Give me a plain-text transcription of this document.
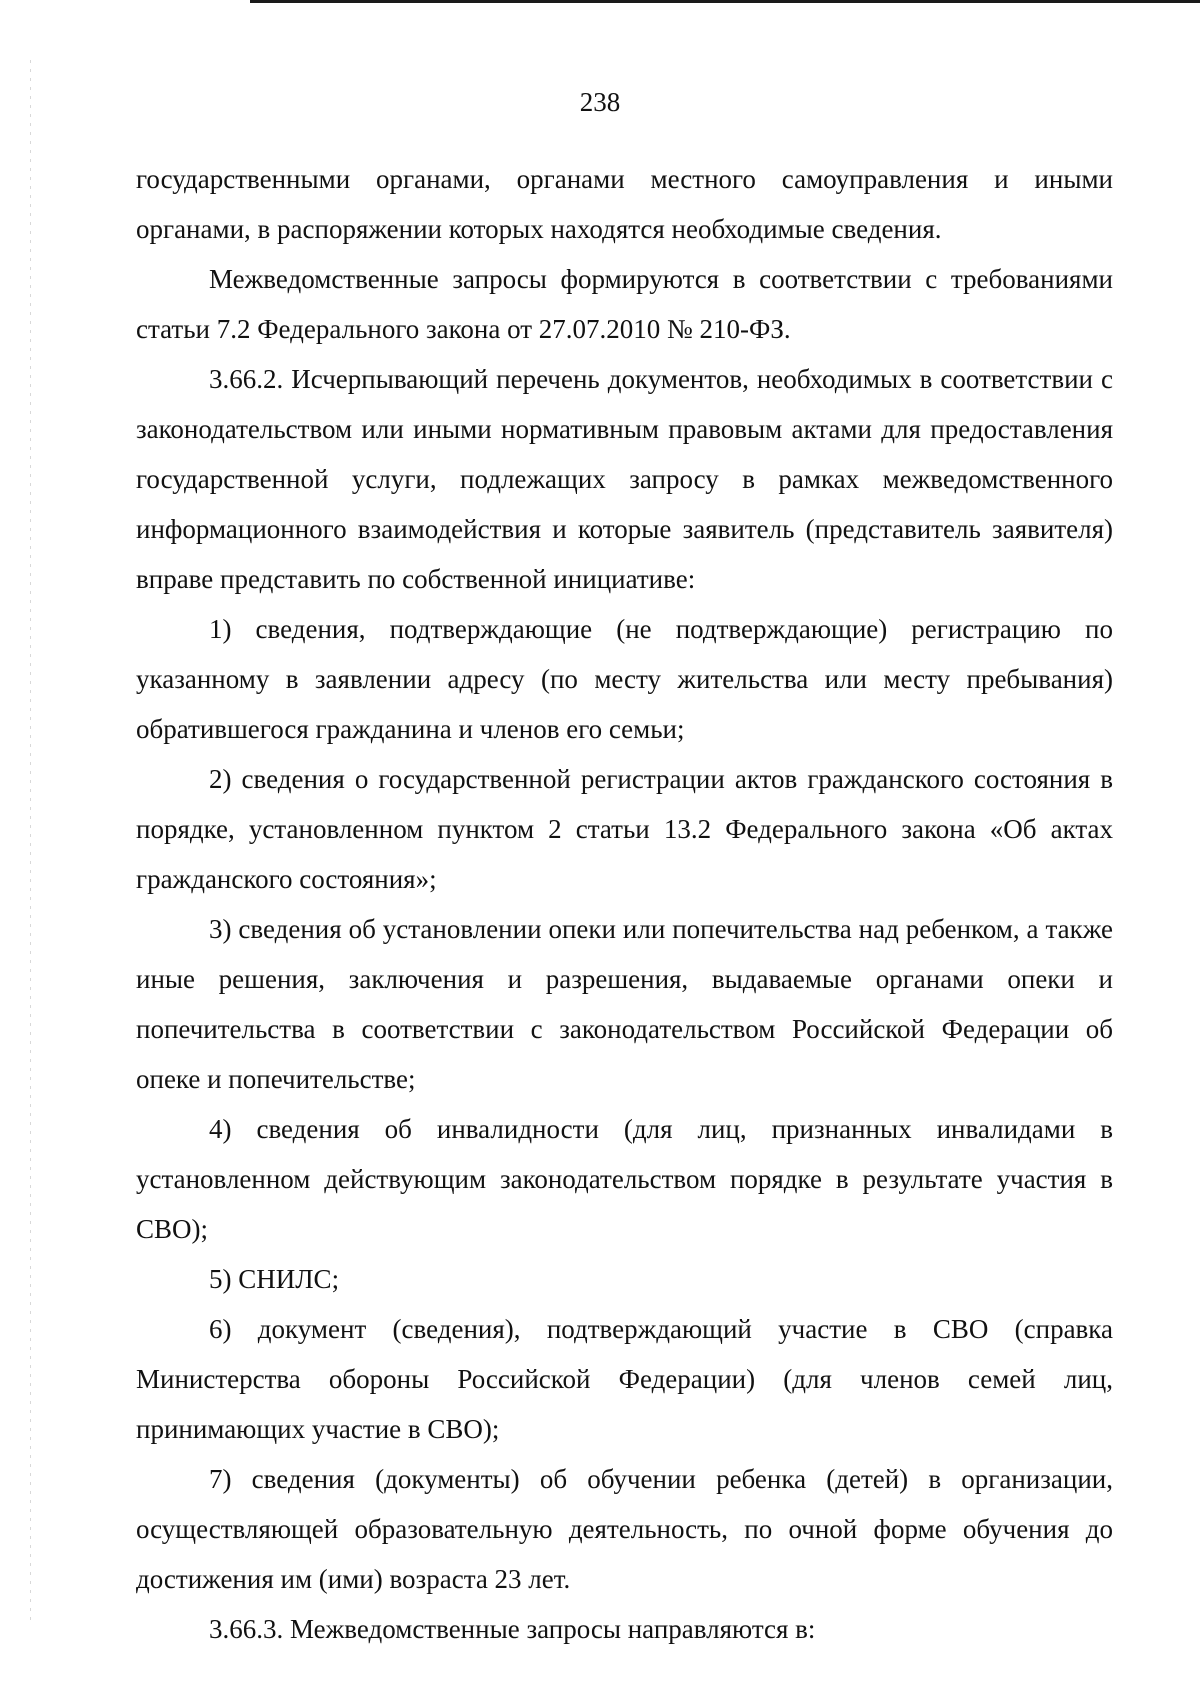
238

государственными органами, органами местного самоуправления и иными органами, в распоряжении которых находятся необходимые сведения.

Межведомственные запросы формируются в соответствии с требованиями статьи 7.2 Федерального закона от 27.07.2010 № 210-ФЗ.

3.66.2. Исчерпывающий перечень документов, необходимых в соответствии с законодательством или иными нормативным правовым актами для предоставления государственной услуги, подлежащих запросу в рамках межведомственного информационного взаимодействия и которые заявитель (представитель заявителя) вправе представить по собственной инициативе:

1) сведения, подтверждающие (не подтверждающие) регистрацию по указанному в заявлении адресу (по месту жительства или месту пребывания) обратившегося гражданина и членов его семьи;

2) сведения о государственной регистрации актов гражданского состояния в порядке, установленном пунктом 2 статьи 13.2 Федерального закона «Об актах гражданского состояния»;

3) сведения об установлении опеки или попечительства над ребенком, а также иные решения, заключения и разрешения, выдаваемые органами опеки и попечительства в соответствии с законодательством Российской Федерации об опеке и попечительстве;

4) сведения об инвалидности (для лиц, признанных инвалидами в установленном действующим законодательством порядке в результате участия в СВО);

5) СНИЛС;

6) документ (сведения), подтверждающий участие в СВО (справка Министерства обороны Российской Федерации) (для членов семей лиц, принимающих участие в СВО);

7) сведения (документы) об обучении ребенка (детей) в организации, осуществляющей образовательную деятельность, по очной форме обучения до достижения им (ими) возраста 23 лет.

3.66.3. Межведомственные запросы направляются в:
